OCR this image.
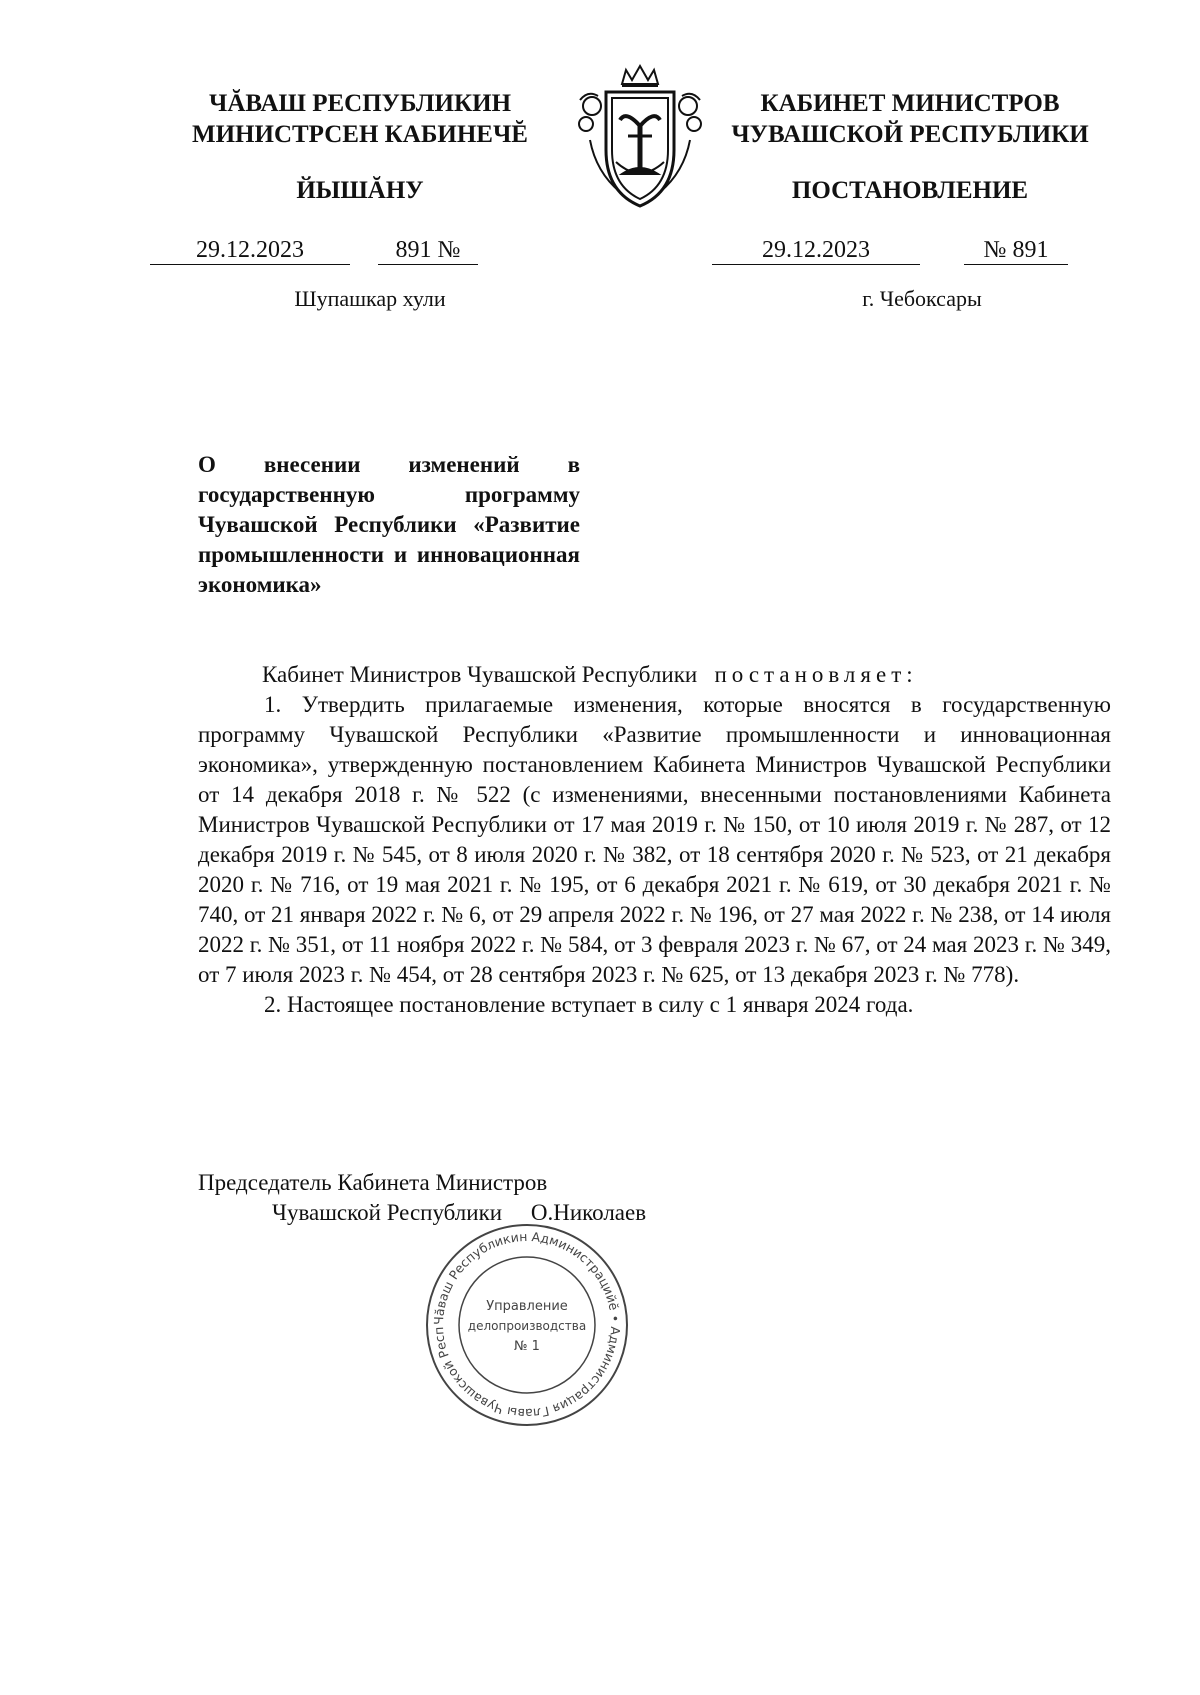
ЧĂВАШ РЕСПУБЛИКИН
МИНИСТРСЕН КАБИНЕЧĔ
ЙЫШĂНУ
КАБИНЕТ МИНИСТРОВ
ЧУВАШСКОЙ РЕСПУБЛИКИ
ПОСТАНОВЛЕНИЕ
29.12.2023	891 №	29.12.2023	№ 891
Шупашкар хули	г. Чебоксары
О внесении изменений в государственную программу Чувашской Республики «Развитие промышленности и инновационная экономика»

Кабинет Министров Чувашской Республики постановляет:

1. Утвердить прилагаемые изменения, которые вносятся в государственную программу Чувашской Республики «Развитие промышленности и инновационная экономика», утвержденную постановлением Кабинета Министров Чувашской Республики от 14 декабря 2018 г. № 522 (с изменениями, внесенными постановлениями Кабинета Министров Чувашской Республики от 17 мая 2019 г. № 150, от 10 июля 2019 г. № 287, от 12 декабря 2019 г. № 545, от 8 июля 2020 г. № 382, от 18 сентября 2020 г. № 523, от 21 декабря 2020 г. № 716, от 19 мая 2021 г. № 195, от 6 декабря 2021 г. № 619, от 30 декабря 2021 г. № 740, от 21 января 2022 г. № 6, от 29 апреля 2022 г. № 196, от 27 мая 2022 г. № 238, от 14 июля 2022 г. № 351, от 11 ноября 2022 г. № 584, от 3 февраля 2023 г. № 67, от 24 мая 2023 г. № 349, от 7 июля 2023 г. № 454, от 28 сентября 2023 г. № 625, от 13 декабря 2023 г. № 778).

2. Настоящее постановление вступает в силу с 1 января 2024 года.

Председатель Кабинета Министров
Чувашской Республики О.Николаев
Чăваш Республикин Администрацийĕ • Администрация Главы Чувашской Респ
Управление
делопроизводства
№ 1
